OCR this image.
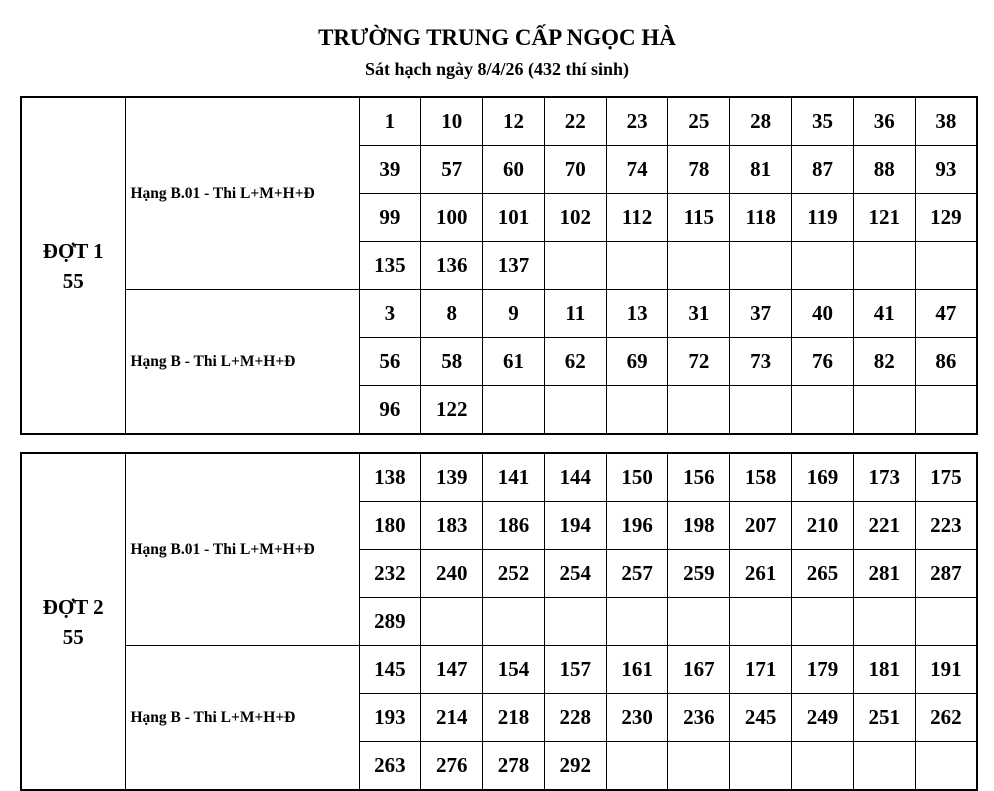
TRƯỜNG TRUNG CẤP NGỌC HÀ
Sát hạch ngày 8/4/26 (432 thí sinh)
ĐỢT 1
55	Hạng B.01 - Thi L+M+H+Đ	1	10	12	22	23	25	28	35	36	38
		39	57	60	70	74	78	81	87	88	93
		99	100	101	102	112	115	118	119	121	129
		135	136	137							
	Hạng B - Thi L+M+H+Đ	3	8	9	11	13	31	37	40	41	47
		56	58	61	62	69	72	73	76	82	86
		96	122								
ĐỢT 2
55	Hạng B.01 - Thi L+M+H+Đ	138	139	141	144	150	156	158	169	173	175
		180	183	186	194	196	198	207	210	221	223
		232	240	252	254	257	259	261	265	281	287
		289									
	Hạng B - Thi L+M+H+Đ	145	147	154	157	161	167	171	179	181	191
		193	214	218	228	230	236	245	249	251	262
		263	276	278	292						
